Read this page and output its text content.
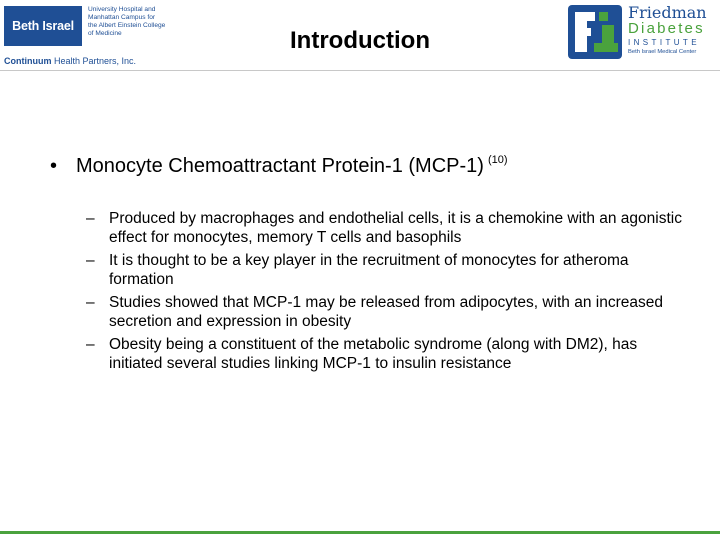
Beth Israel
University Hospital and
Manhattan Campus for
the Albert Einstein College
of Medicine
Continuum Health Partners, Inc.
Introduction
Friedman
Diabetes
INSTITUTE
Beth Israel Medical Center
• Monocyte Chemoattractant Protein-1 (MCP-1) $^{(10)}$
– Produced by macrophages and endothelial cells, it is a chemokine with an agonistic effect for monocytes, memory T cells and basophils
– It is thought to be a key player in the recruitment of monocytes for atheroma formation
– Studies showed that MCP-1 may be released from adipocytes, with an increased secretion and expression in obesity
– Obesity being a constituent of the metabolic syndrome (along with DM2), has initiated several studies linking MCP-1 to insulin resistance
